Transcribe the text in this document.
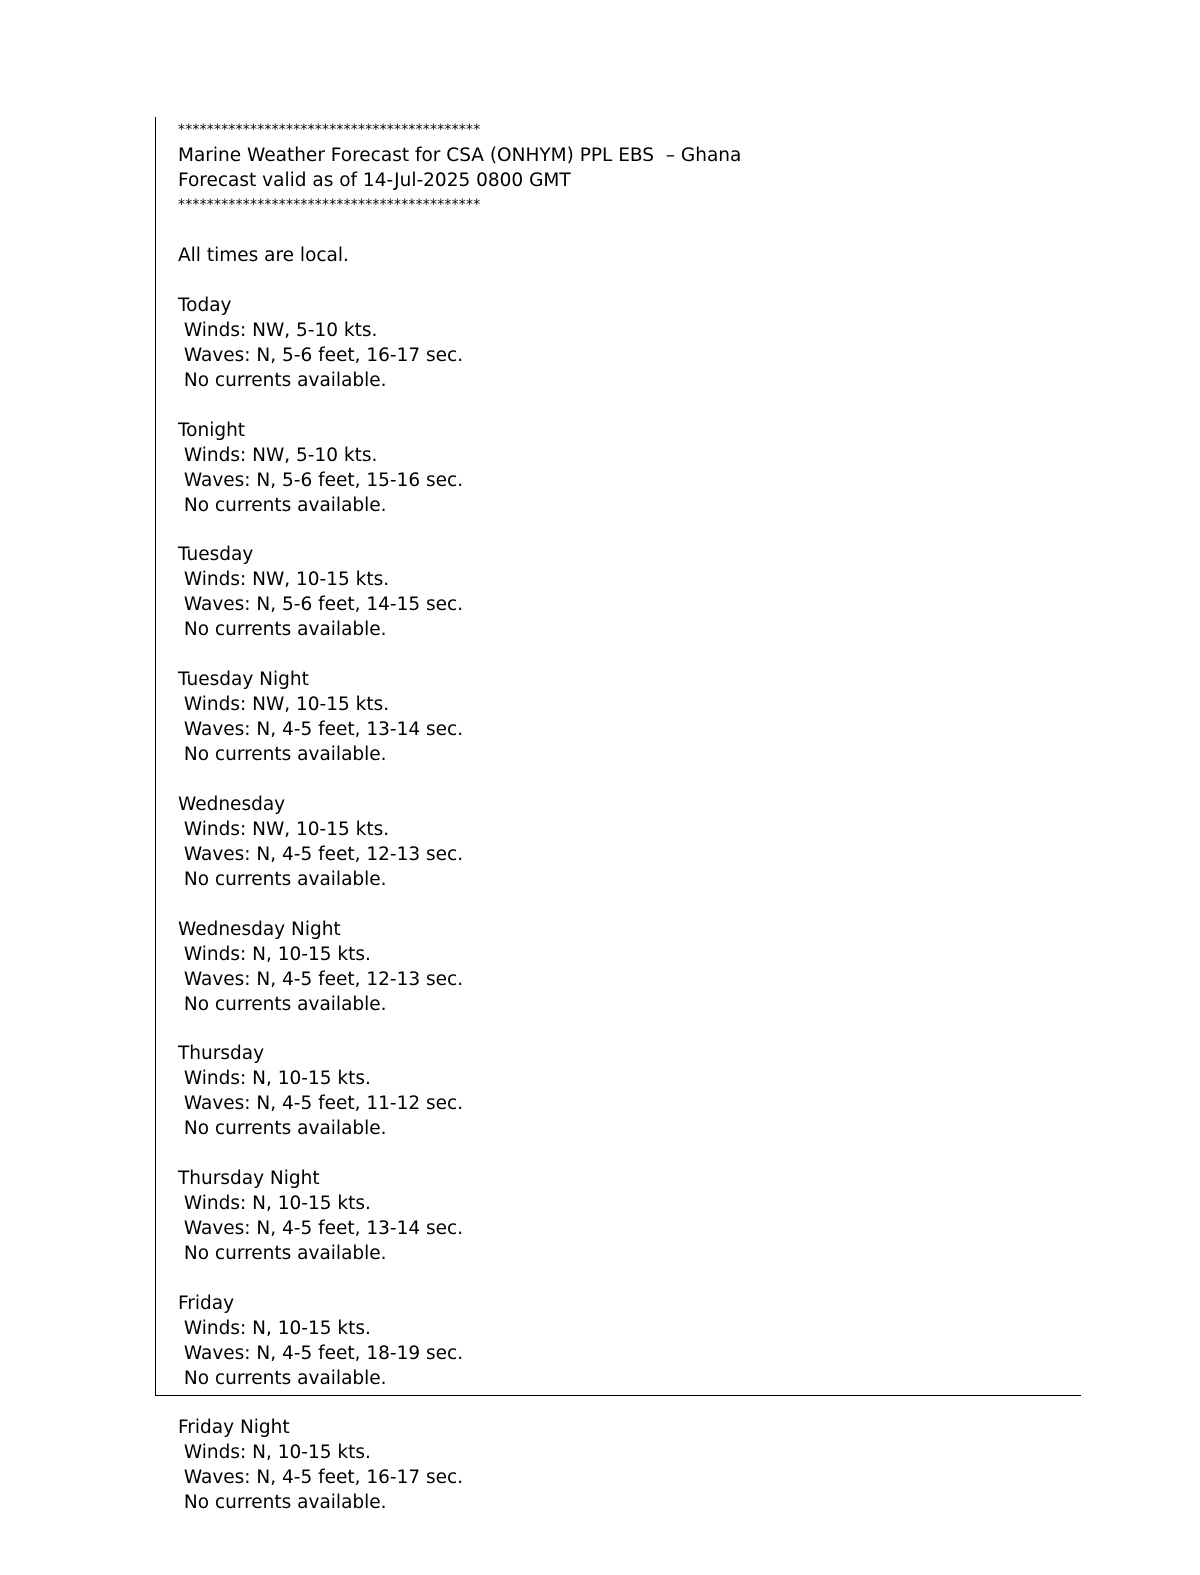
******************************************

Marine Weather Forecast for CSA (ONHYM) PPL EBS  – Ghana

Forecast valid as of 14-Jul-2025 0800 GMT

******************************************

All times are local.

Today

Winds: NW, 5-10 kts.

Waves: N, 5-6 feet, 16-17 sec.

No currents available.

Tonight

Winds: NW, 5-10 kts.

Waves: N, 5-6 feet, 15-16 sec.

No currents available.

Tuesday

Winds: NW, 10-15 kts.

Waves: N, 5-6 feet, 14-15 sec.

No currents available.

Tuesday Night

Winds: NW, 10-15 kts.

Waves: N, 4-5 feet, 13-14 sec.

No currents available.

Wednesday

Winds: NW, 10-15 kts.

Waves: N, 4-5 feet, 12-13 sec.

No currents available.

Wednesday Night

Winds: N, 10-15 kts.

Waves: N, 4-5 feet, 12-13 sec.

No currents available.

Thursday

Winds: N, 10-15 kts.

Waves: N, 4-5 feet, 11-12 sec.

No currents available.

Thursday Night

Winds: N, 10-15 kts.

Waves: N, 4-5 feet, 13-14 sec.

No currents available.

Friday

Winds: N, 10-15 kts.

Waves: N, 4-5 feet, 18-19 sec.

No currents available.

Friday Night

Winds: N, 10-15 kts.

Waves: N, 4-5 feet, 16-17 sec.

No currents available.
